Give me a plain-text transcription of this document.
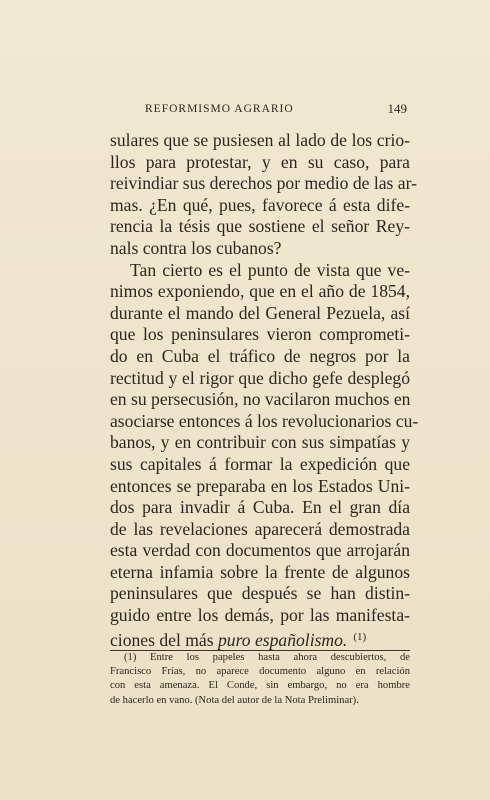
REFORMISMO AGRARIO	149
sulares que se pusiesen al lado de los crio-
llos para protestar, y en su caso, para
reivindiar sus derechos por medio de las ar-
mas. ¿En qué, pues, favorece á esta dife-
rencia la tésis que sostiene el señor Rey-
nals contra los cubanos?
Tan cierto es el punto de vista que ve-
nimos exponiendo, que en el año de 1854,
durante el mando del General Pezuela, así
que los peninsulares vieron comprometi-
do en Cuba el tráfico de negros por la
rectitud y el rigor que dicho gefe desplegó
en su persecusión, no vacilaron muchos en
asociarse entonces á los revolucionarios cu-
banos, y en contribuir con sus simpatías y
sus capitales á formar la expedición que
entonces se preparaba en los Estados Uni-
dos para invadir á Cuba. En el gran día
de las revelaciones aparecerá demostrada
esta verdad con documentos que arrojarán
eterna infamia sobre la frente de algunos
peninsulares que después se han distin-
guido entre los demás, por las manifesta-
ciones del más puro españolismo. $^{(1)}$
(1) Entre los papeles hasta ahora descubiertos, de
Francisco Frías, no aparece documento alguno en relación
con esta amenaza. El Conde, sin embargo, no era hombre
de hacerlo en vano. (Nota del autor de la Nota Preliminar).
